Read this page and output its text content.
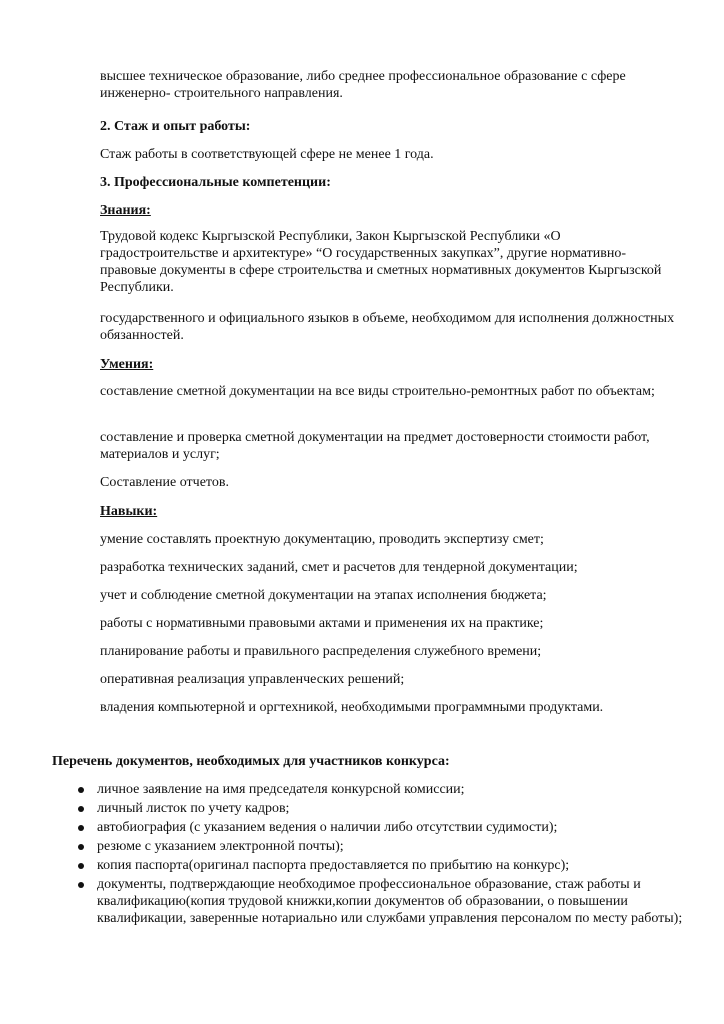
высшее техническое образование, либо среднее профессиональное образование с сфере инженерно- строительного направления.

2. Стаж и опыт работы:

Стаж работы в соответствующей сфере не менее 1 года.

3. Профессиональные компетенции:

Знания:

Трудовой кодекс Кыргызской Республики, Закон Кыргызской Республики «О градостроительстве и архитектуре» “О государственных закупках”, другие нормативно-правовые документы в сфере строительства и сметных нормативных документов Кыргызской Республики.

государственного и официального языков в объеме, необходимом для исполнения должностных обязанностей.

Умения:

составление сметной документации на все виды строительно-ремонтных работ по объектам;

составление и проверка сметной документации на предмет достоверности стоимости работ, материалов и услуг;

Составление отчетов.

Навыки:

умение составлять проектную документацию, проводить экспертизу смет;

разработка технических заданий, смет и расчетов для тендерной документации;

учет и соблюдение сметной документации на этапах исполнения бюджета;

работы с нормативными правовыми актами и применения их на практике;

планирование работы и правильного распределения служебного времени;

оперативная реализация управленческих решений;

владения компьютерной и оргтехникой, необходимыми программными продуктами.

Перечень документов, необходимых для участников конкурса:

личное заявление на имя председателя конкурсной комиссии;
личный листок по учету кадров;
автобиография (с указанием ведения о наличии либо отсутствии судимости);
резюме с указанием электронной почты);
копия паспорта(оригинал паспорта предоставляется по прибытию на конкурс);
документы, подтверждающие необходимое профессиональное образование, стаж работы и квалификацию(копия трудовой книжки,копии документов об образовании, о повышении квалификации, заверенные нотариально или службами управления персоналом по месту работы);
